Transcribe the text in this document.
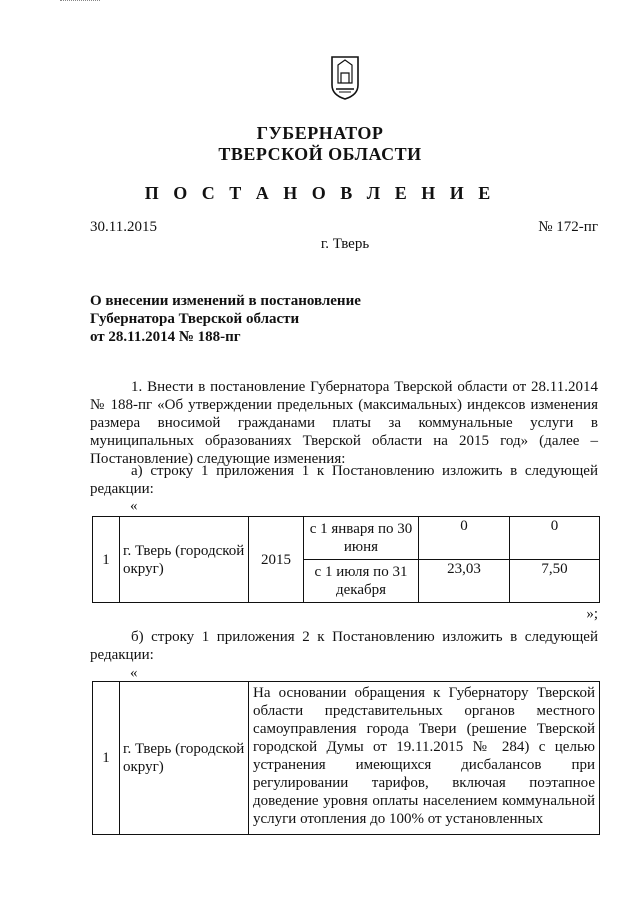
ГУБЕРНАТОР
ТВЕРСКОЙ ОБЛАСТИ
П О С Т А Н О В Л Е Н И Е
30.11.2015	№ 172-пг
г. Тверь
О внесении изменений в постановление
Губернатора Тверской области
от 28.11.2014 № 188-пг
1. Внести в постановление Губернатора Тверской области от 28.11.2014 № 188-пг «Об утверждении предельных (максимальных) индексов изменения размера вносимой гражданами платы за коммунальные услуги в муниципальных образованиях Тверской области на 2015 год» (далее – Постановление) следующие изменения:
а) строку 1 приложения 1 к Постановлению изложить в следующей редакции:
«
1	г. Тверь (городской округ)	2015	с 1 января по 30 июня	0	0
			с 1 июля по 31 декабря	23,03	7,50
»;
б) строку 1 приложения 2 к Постановлению изложить в следующей редакции:
«
1	г. Тверь (городской округ)	На основании обращения к Губернатору Тверской области представительных органов местного самоуправления города Твери (решение Тверской городской Думы от 19.11.2015 № 284) с целью устранения имеющихся дисбалансов при регулировании тарифов, включая поэтапное доведение уровня оплаты населением коммунальной услуги отопления до 100% от установленных
